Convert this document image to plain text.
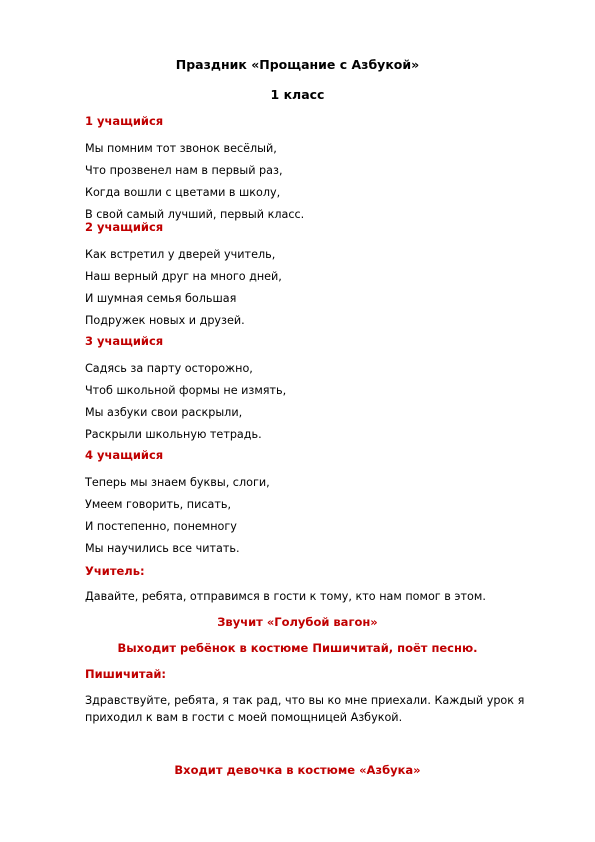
Праздник «Прощание с Азбукой»
1 класс
1 учащийся
Мы помним тот звонок весёлый,
Что прозвенел нам в первый раз,
Когда вошли с цветами в школу,
В свой самый лучший, первый класс.
2 учащийся
Как встретил у дверей учитель,
Наш верный друг на много дней,
И шумная семья большая
Подружек новых и друзей.
3 учащийся
Садясь за парту осторожно,
Чтоб школьной формы не измять,
Мы азбуки свои раскрыли,
Раскрыли школьную тетрадь.
4 учащийся
Теперь мы знаем буквы, слоги,
Умеем говорить, писать,
И постепенно, понемногу
Мы научились все читать.
Учитель:
Давайте, ребята, отправимся в гости к тому, кто нам помог в этом.
Звучит «Голубой вагон»
Выходит ребёнок в костюме Пишичитай, поёт песню.
Пишичитай:
Здравствуйте, ребята, я так рад, что вы ко мне приехали. Каждый урок я приходил к вам в гости с моей помощницей Азбукой.
Входит девочка в костюме «Азбука»
